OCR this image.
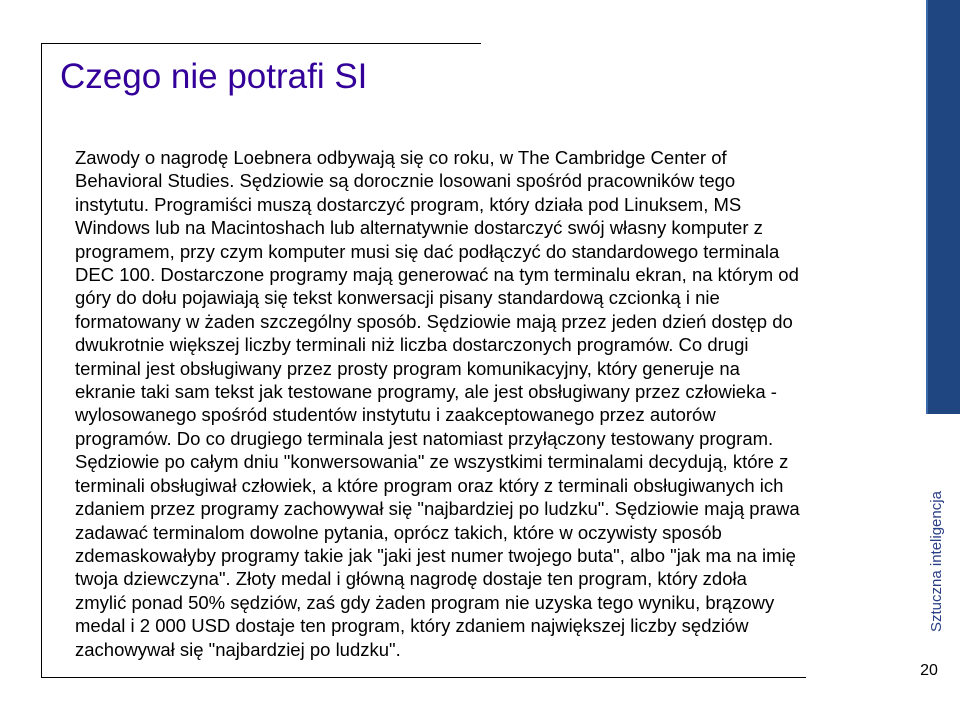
Czego nie potrafi SI
Zawody o nagrodę Loebnera odbywają się co roku, w The Cambridge Center of
Behavioral Studies. Sędziowie są dorocznie losowani spośród pracowników tego
instytutu. Programiści muszą dostarczyć program, który działa pod Linuksem, MS
Windows lub na Macintoshach lub alternatywnie dostarczyć swój własny komputer z
programem, przy czym komputer musi się dać podłączyć do standardowego terminala
DEC 100. Dostarczone programy mają generować na tym terminalu ekran, na którym od
góry do dołu pojawiają się tekst konwersacji pisany standardową czcionką i nie
formatowany w żaden szczególny sposób. Sędziowie mają przez jeden dzień dostęp do
dwukrotnie większej liczby terminali niż liczba dostarczonych programów. Co drugi
terminal jest obsługiwany przez prosty program komunikacyjny, który generuje na
ekranie taki sam tekst jak testowane programy, ale jest obsługiwany przez człowieka -
wylosowanego spośród studentów instytutu i zaakceptowanego przez autorów
programów. Do co drugiego terminala jest natomiast przyłączony testowany program.
Sędziowie po całym dniu "konwersowania" ze wszystkimi terminalami decydują, które z
terminali obsługiwał człowiek, a które program oraz który z terminali obsługiwanych ich
zdaniem przez programy zachowywał się "najbardziej po ludzku". Sędziowie mają prawa
zadawać terminalom dowolne pytania, oprócz takich, które w oczywisty sposób
zdemaskowałyby programy takie jak "jaki jest numer twojego buta", albo "jak ma na imię
twoja dziewczyna". Złoty medal i główną nagrodę dostaje ten program, który zdoła
zmylić ponad 50% sędziów, zaś gdy żaden program nie uzyska tego wyniku, brązowy
medal i 2 000 USD dostaje ten program, który zdaniem największej liczby sędziów
zachowywał się "najbardziej po ludzku".
Sztuczna inteligencja
20
